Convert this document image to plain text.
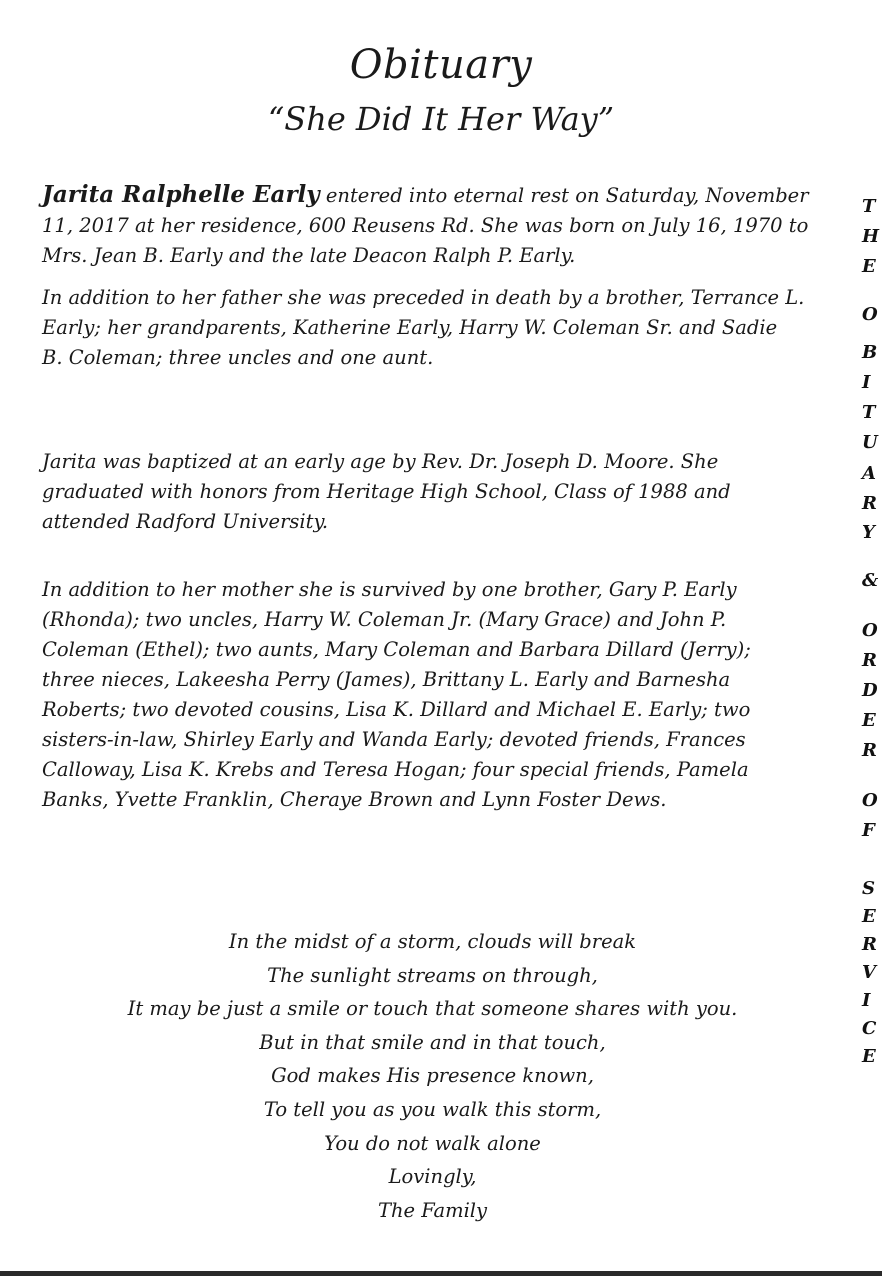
Obituary
“She Did It Her Way”
Jarita Ralphelle Early entered into eternal rest on Saturday, November
11, 2017 at her residence, 600 Reusens Rd. She was born on July 16, 1970 to
Mrs. Jean B. Early and the late Deacon Ralph P. Early.
In addition to her father she was preceded in death by a brother, Terrance L.
Early; her grandparents, Katherine Early, Harry W. Coleman Sr. and Sadie
B. Coleman; three uncles and one aunt.
Jarita was baptized at an early age by Rev. Dr. Joseph D. Moore. She
graduated with honors from Heritage High School, Class of 1988 and
attended Radford University.
In addition to her mother she is survived by one brother, Gary P. Early
(Rhonda); two uncles, Harry W. Coleman Jr. (Mary Grace) and John P.
Coleman (Ethel); two aunts, Mary Coleman and Barbara Dillard (Jerry);
three nieces, Lakeesha Perry (James), Brittany L. Early and Barnesha
Roberts; two devoted cousins, Lisa K. Dillard and Michael E. Early; two
sisters-in-law, Shirley Early and Wanda Early; devoted friends, Frances
Calloway, Lisa K. Krebs and Teresa Hogan; four special friends, Pamela
Banks, Yvette Franklin, Cheraye Brown and Lynn Foster Dews.
In the midst of a storm, clouds will break
The sunlight streams on through,
It may be just a smile or touch that someone shares with you.
But in that smile and in that touch,
God makes His presence known,
To tell you as you walk this storm,
You do not walk alone
Lovingly,
The Family
T
H
E
O
B
I
T
U
A
R
Y
&
O
R
D
E
R
O
F
S
E
R
V
I
C
E
